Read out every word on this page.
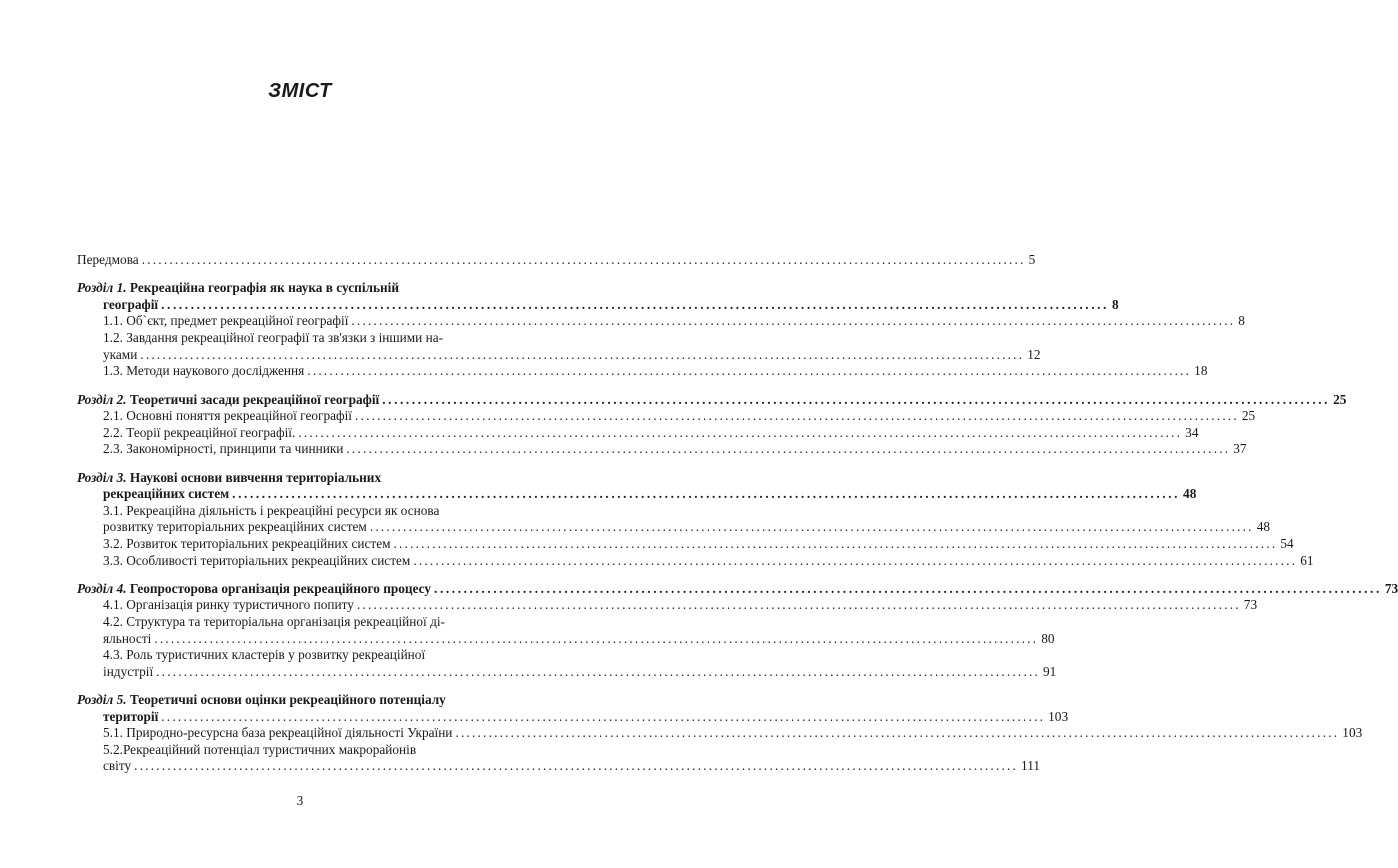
ЗМІСТ
Передмова ................................................................................................................................................................ 5
Розділ 1. Рекреаційна географія як наука в суспільній
географії ................................................................................................................................................................ 8
1.1. Об`єкт, предмет рекреаційної географії ................................................................................................................................................................ 8
1.2. Завдання рекреаційної географії та зв'язки з іншими на-
уками ................................................................................................................................................................ 12
1.3. Методи наукового дослідження ................................................................................................................................................................ 18
Розділ 2. Теоретичні засади рекреаційної географії ................................................................................................................................................................ 25
2.1. Основні поняття рекреаційної географії ................................................................................................................................................................ 25
2.2. Теорії рекреаційної географії. ................................................................................................................................................................ 34
2.3. Закономірності, принципи та чинники ................................................................................................................................................................ 37
Розділ 3. Наукові основи вивчення територіальних
рекреаційних систем ................................................................................................................................................................ 48
3.1. Рекреаційна діяльність і рекреаційні ресурси як основа
розвитку територіальних рекреаційних систем ................................................................................................................................................................ 48
3.2. Розвиток територіальних рекреаційних систем ................................................................................................................................................................ 54
3.3. Особливості територіальних рекреаційних систем ................................................................................................................................................................ 61
Розділ 4. Геопросторова організація рекреаційного процесу ................................................................................................................................................................ 73
4.1. Організація ринку туристичного попиту ................................................................................................................................................................ 73
4.2. Структура та територіальна організація рекреаційної ді-
яльності ................................................................................................................................................................ 80
4.3. Роль туристичних кластерів у розвитку рекреаційної
індустрії ................................................................................................................................................................ 91
Розділ 5. Теоретичні основи оцінки рекреаційного потенціалу
території ................................................................................................................................................................ 103
5.1. Природно-ресурсна база рекреаційної діяльності України ................................................................................................................................................................ 103
5.2.Рекреаційний потенціал туристичних макрорайонів
світу ................................................................................................................................................................ 111
3
